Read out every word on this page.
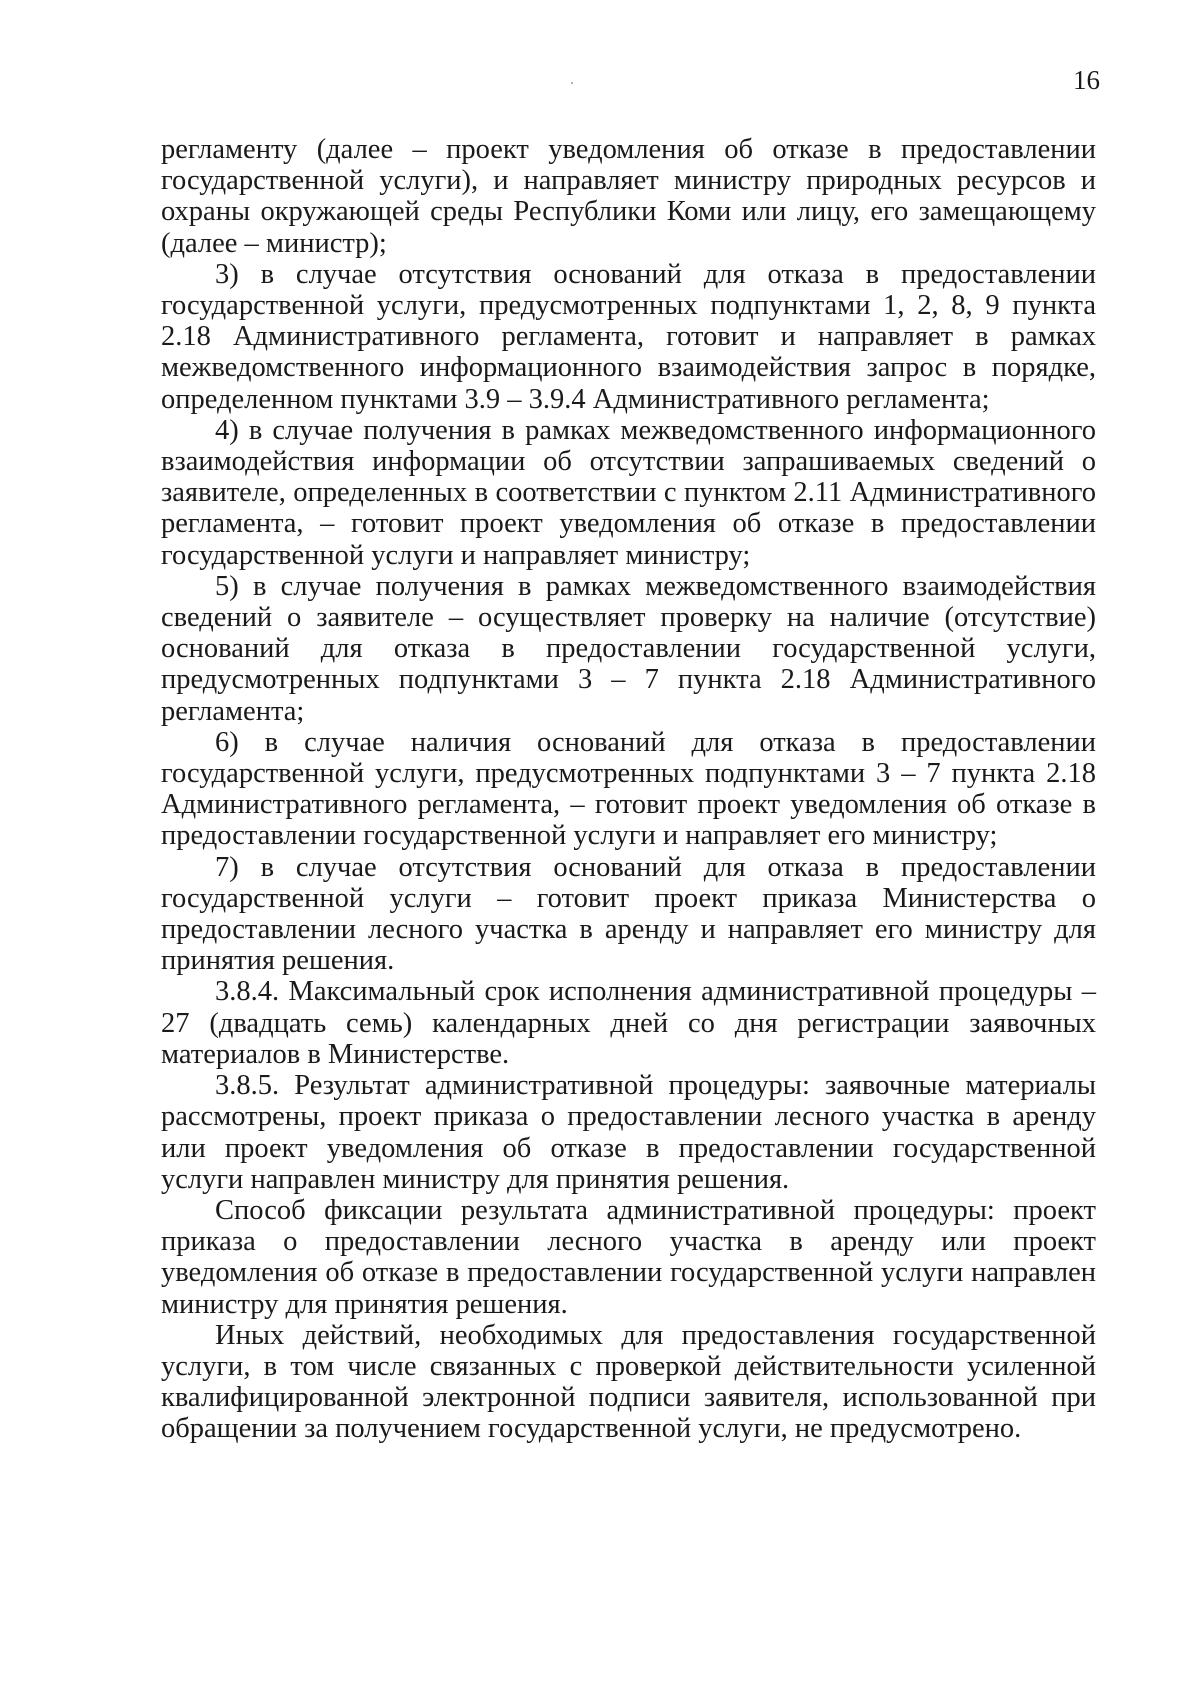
16

регламенту (далее – проект уведомления об отказе в предоставлении государственной услуги), и направляет министру природных ресурсов и охраны окружающей среды Республики Коми или лицу, его замещающему (далее – министр);

3) в случае отсутствия оснований для отказа в предоставлении государственной услуги, предусмотренных подпунктами 1, 2, 8, 9 пункта 2.18 Административного регламента, готовит и направляет в рамках межведомственного информационного взаимодействия запрос в порядке, определенном пунктами 3.9 – 3.9.4 Административного регламента;

4) в случае получения в рамках межведомственного информационного взаимодействия информации об отсутствии запрашиваемых сведений о заявителе, определенных в соответствии с пунктом 2.11 Административного регламента, – готовит проект уведомления об отказе в предоставлении государственной услуги и направляет министру;

5) в случае получения в рамках межведомственного взаимодействия сведений о заявителе – осуществляет проверку на наличие (отсутствие) оснований для отказа в предоставлении государственной услуги, предусмотренных подпунктами 3 – 7 пункта 2.18 Административного регламента;

6) в случае наличия оснований для отказа в предоставлении государственной услуги, предусмотренных подпунктами 3 – 7 пункта 2.18 Административного регламента, – готовит проект уведомления об отказе в предоставлении государственной услуги и направляет его министру;

7) в случае отсутствия оснований для отказа в предоставлении государственной услуги – готовит проект приказа Министерства о предоставлении лесного участка в аренду и направляет его министру для принятия решения.

3.8.4. Максимальный срок исполнения административной процедуры – 27 (двадцать семь) календарных дней со дня регистрации заявочных материалов в Министерстве.

3.8.5. Результат административной процедуры: заявочные материалы рассмотрены, проект приказа о предоставлении лесного участка в аренду или проект уведомления об отказе в предоставлении государственной услуги направлен министру для принятия решения.

Способ фиксации результата административной процедуры: проект приказа о предоставлении лесного участка в аренду или проект уведомления об отказе в предоставлении государственной услуги направлен министру для принятия решения.

Иных действий, необходимых для предоставления государственной услуги, в том числе связанных с проверкой действительности усиленной квалифицированной электронной подписи заявителя, использованной при обращении за получением государственной услуги, не предусмотрено.
